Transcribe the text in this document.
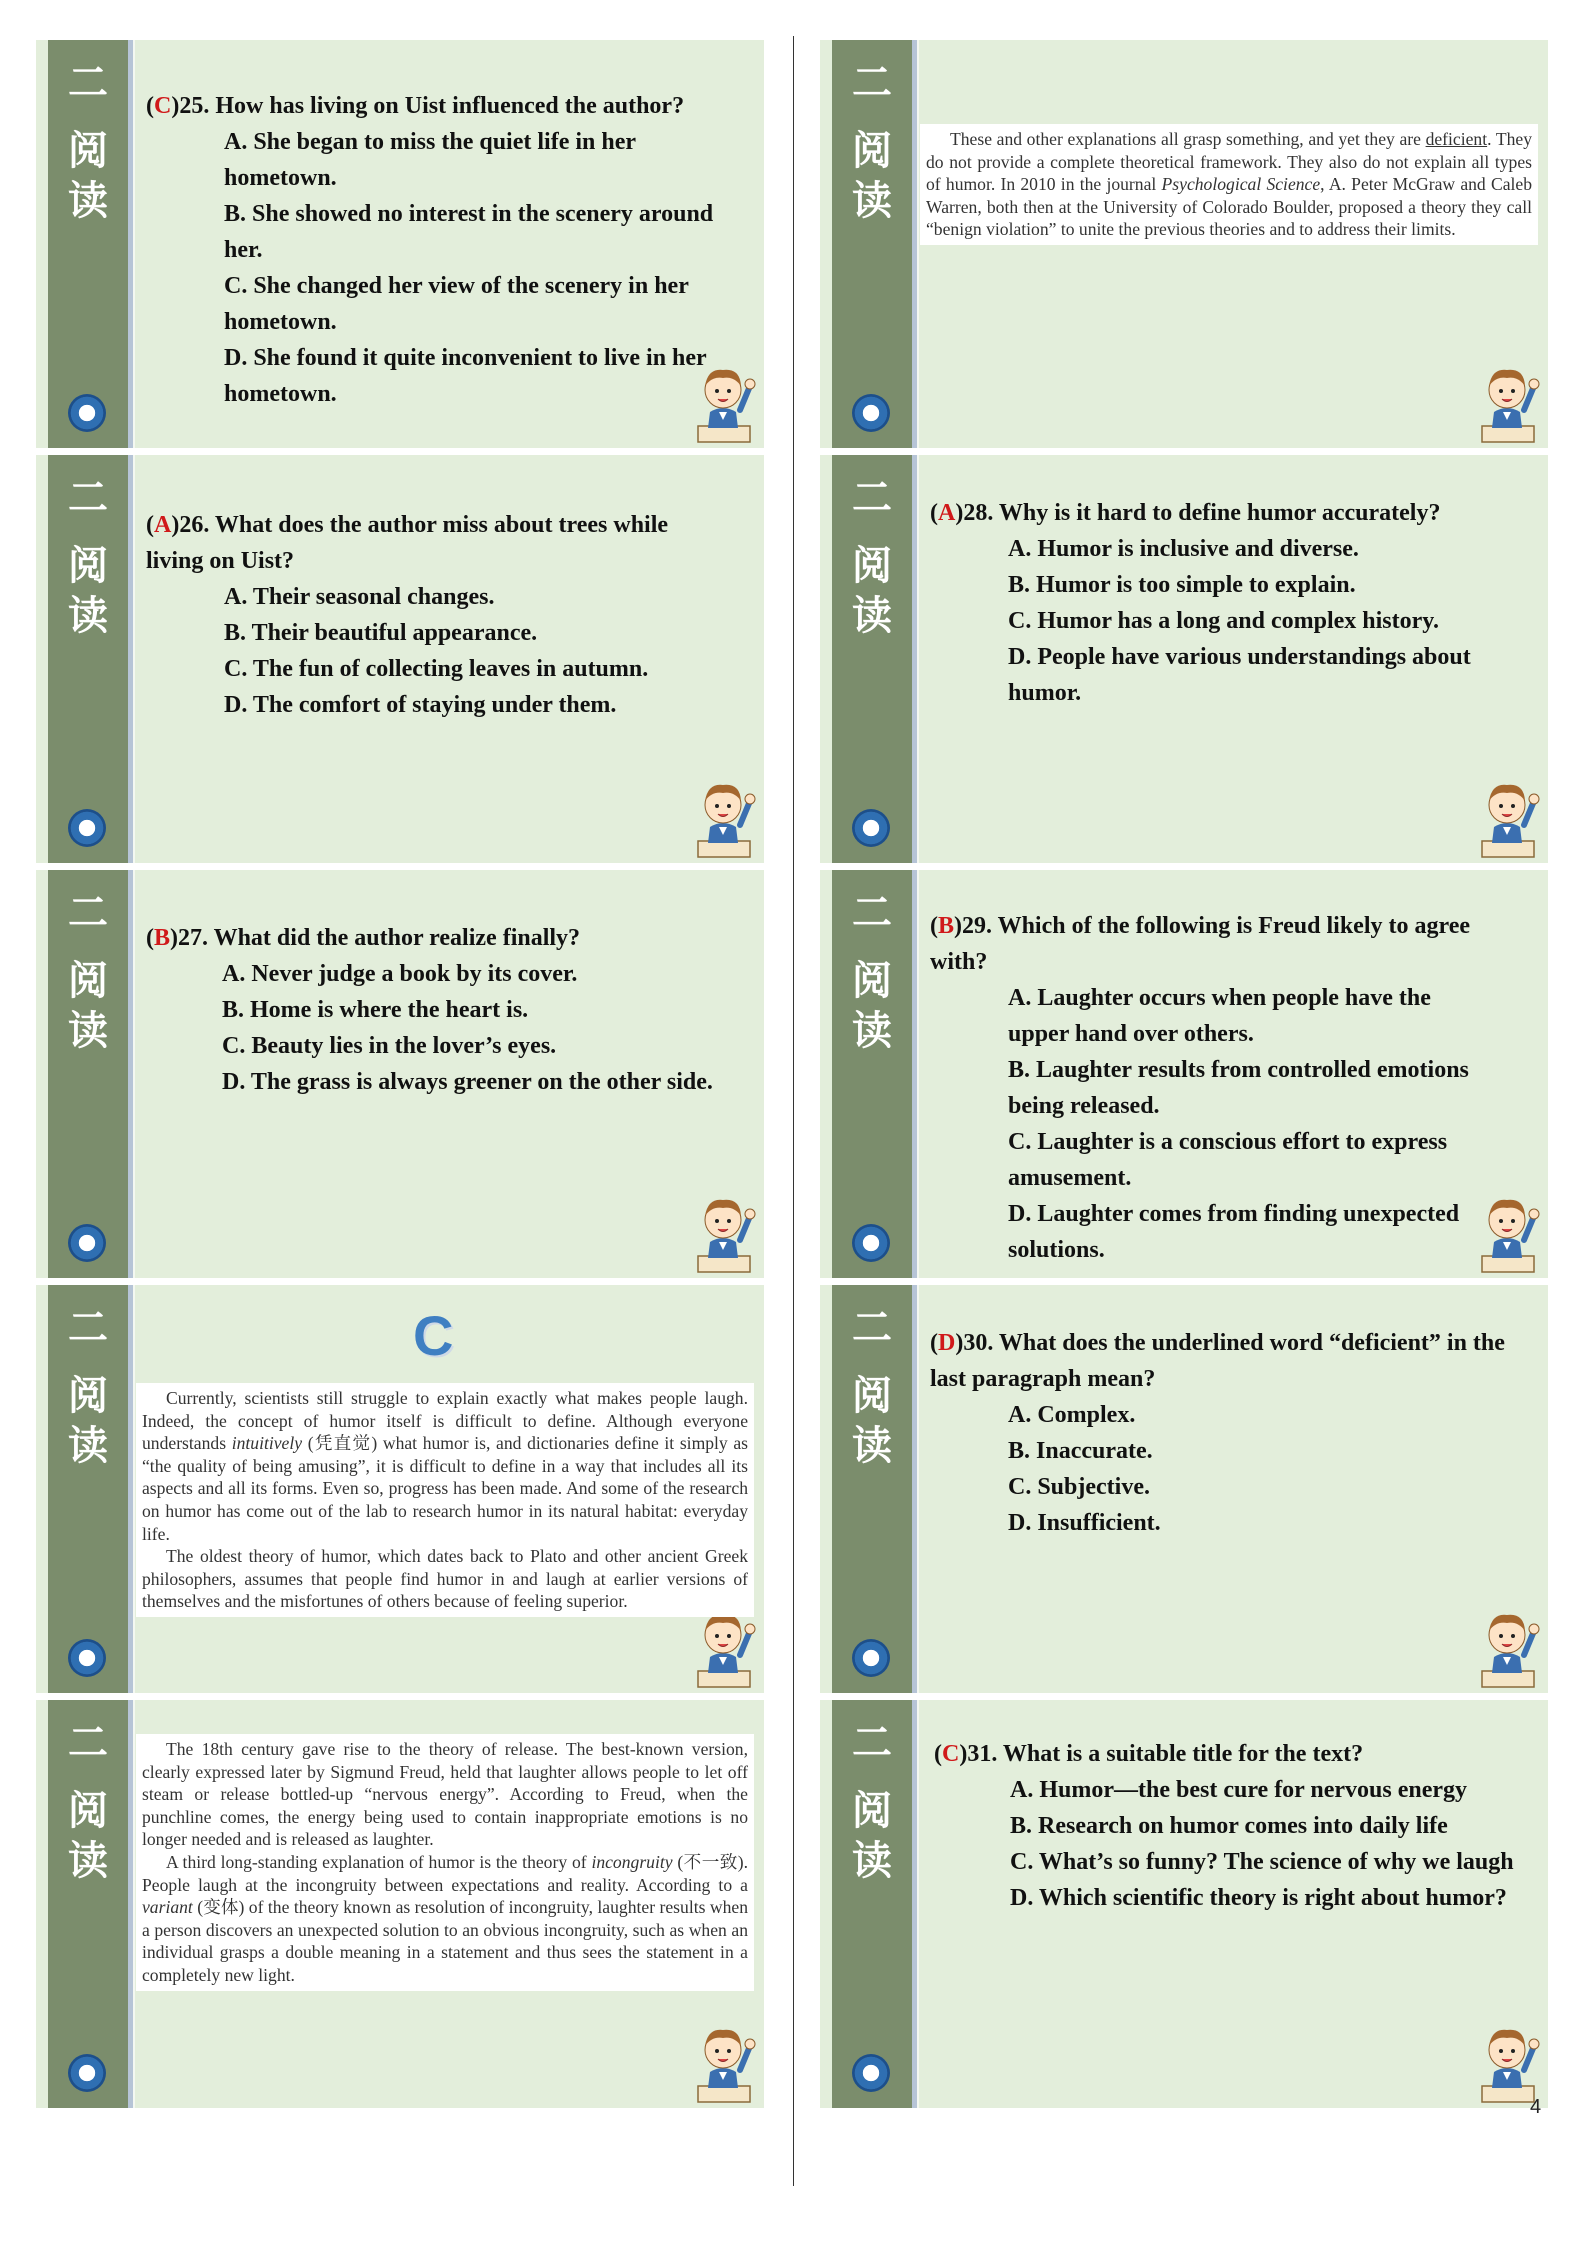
二
阅
读
(C)25. How has living on Uist influenced the author?
A. She began to miss the quiet life in her hometown.
B. She showed no interest in the scenery around her.
C. She changed her view of the scenery in her hometown.
D. She found it quite inconvenient to live in her hometown.
二
阅
读
(A)26. What does the author miss about trees while living on Uist?
A. Their seasonal changes.
B. Their beautiful appearance.
C. The fun of collecting leaves in autumn.
D. The comfort of staying under them.
二
阅
读
(B)27. What did the author realize finally?
A. Never judge a book by its cover.
B. Home is where the heart is.
C. Beauty lies in the lover’s eyes.
D. The grass is always greener on the other side.
二
阅
读
C

Currently, scientists still struggle to explain exactly what makes people laugh. Indeed, the concept of humor itself is difficult to define. Although everyone understands intuitively (凭直觉) what humor is, and dictionaries define it simply as “the quality of being amusing”, it is difficult to define in a way that includes all its aspects and all its forms. Even so, progress has been made. And some of the research on humor has come out of the lab to research humor in its natural habitat: everyday life.

The oldest theory of humor, which dates back to Plato and other ancient Greek philosophers, assumes that people find humor in and laugh at earlier versions of themselves and the misfortunes of others because of feeling superior.

二
阅
读

The 18th century gave rise to the theory of release. The best-known version, clearly expressed later by Sigmund Freud, held that laughter allows people to let off steam or release bottled-up “nervous energy”. According to Freud, when the punchline comes, the energy being used to contain inappropriate emotions is no longer needed and is released as laughter.

A third long-standing explanation of humor is the theory of incongruity (不一致). People laugh at the incongruity between expectations and reality. According to a variant (变体) of the theory known as resolution of incongruity, laughter results when a person discovers an unexpected solution to an obvious incongruity, such as when an individual grasps a double meaning in a statement and thus sees the statement in a completely new light.

二
阅
读

These and other explanations all grasp something, and yet they are deficient. They do not provide a complete theoretical framework. They also do not explain all types of humor. In 2010 in the journal Psychological Science, A. Peter McGraw and Caleb Warren, both then at the University of Colorado Boulder, proposed a theory they call “benign violation” to unite the previous theories and to address their limits.

二
阅
读
(A)28. Why is it hard to define humor accurately?
A. Humor is inclusive and diverse.
B. Humor is too simple to explain.
C. Humor has a long and complex history.
D. People have various understandings about humor.
二
阅
读
(B)29. Which of the following is Freud likely to agree with?
A. Laughter occurs when people have the upper hand over others.
B. Laughter results from controlled emotions being released.
C. Laughter is a conscious effort to express amusement.
D. Laughter comes from finding unexpected solutions.
二
阅
读
(D)30. What does the underlined word “deficient” in the last paragraph mean?
A. Complex.
B. Inaccurate.
C. Subjective.
D. Insufficient.
二
阅
读
(C)31. What is a suitable title for the text?
A. Humor—the best cure for nervous energy
B. Research on humor comes into daily life
C. What’s so funny? The science of why we laugh
D. Which scientific theory is right about humor?
4
